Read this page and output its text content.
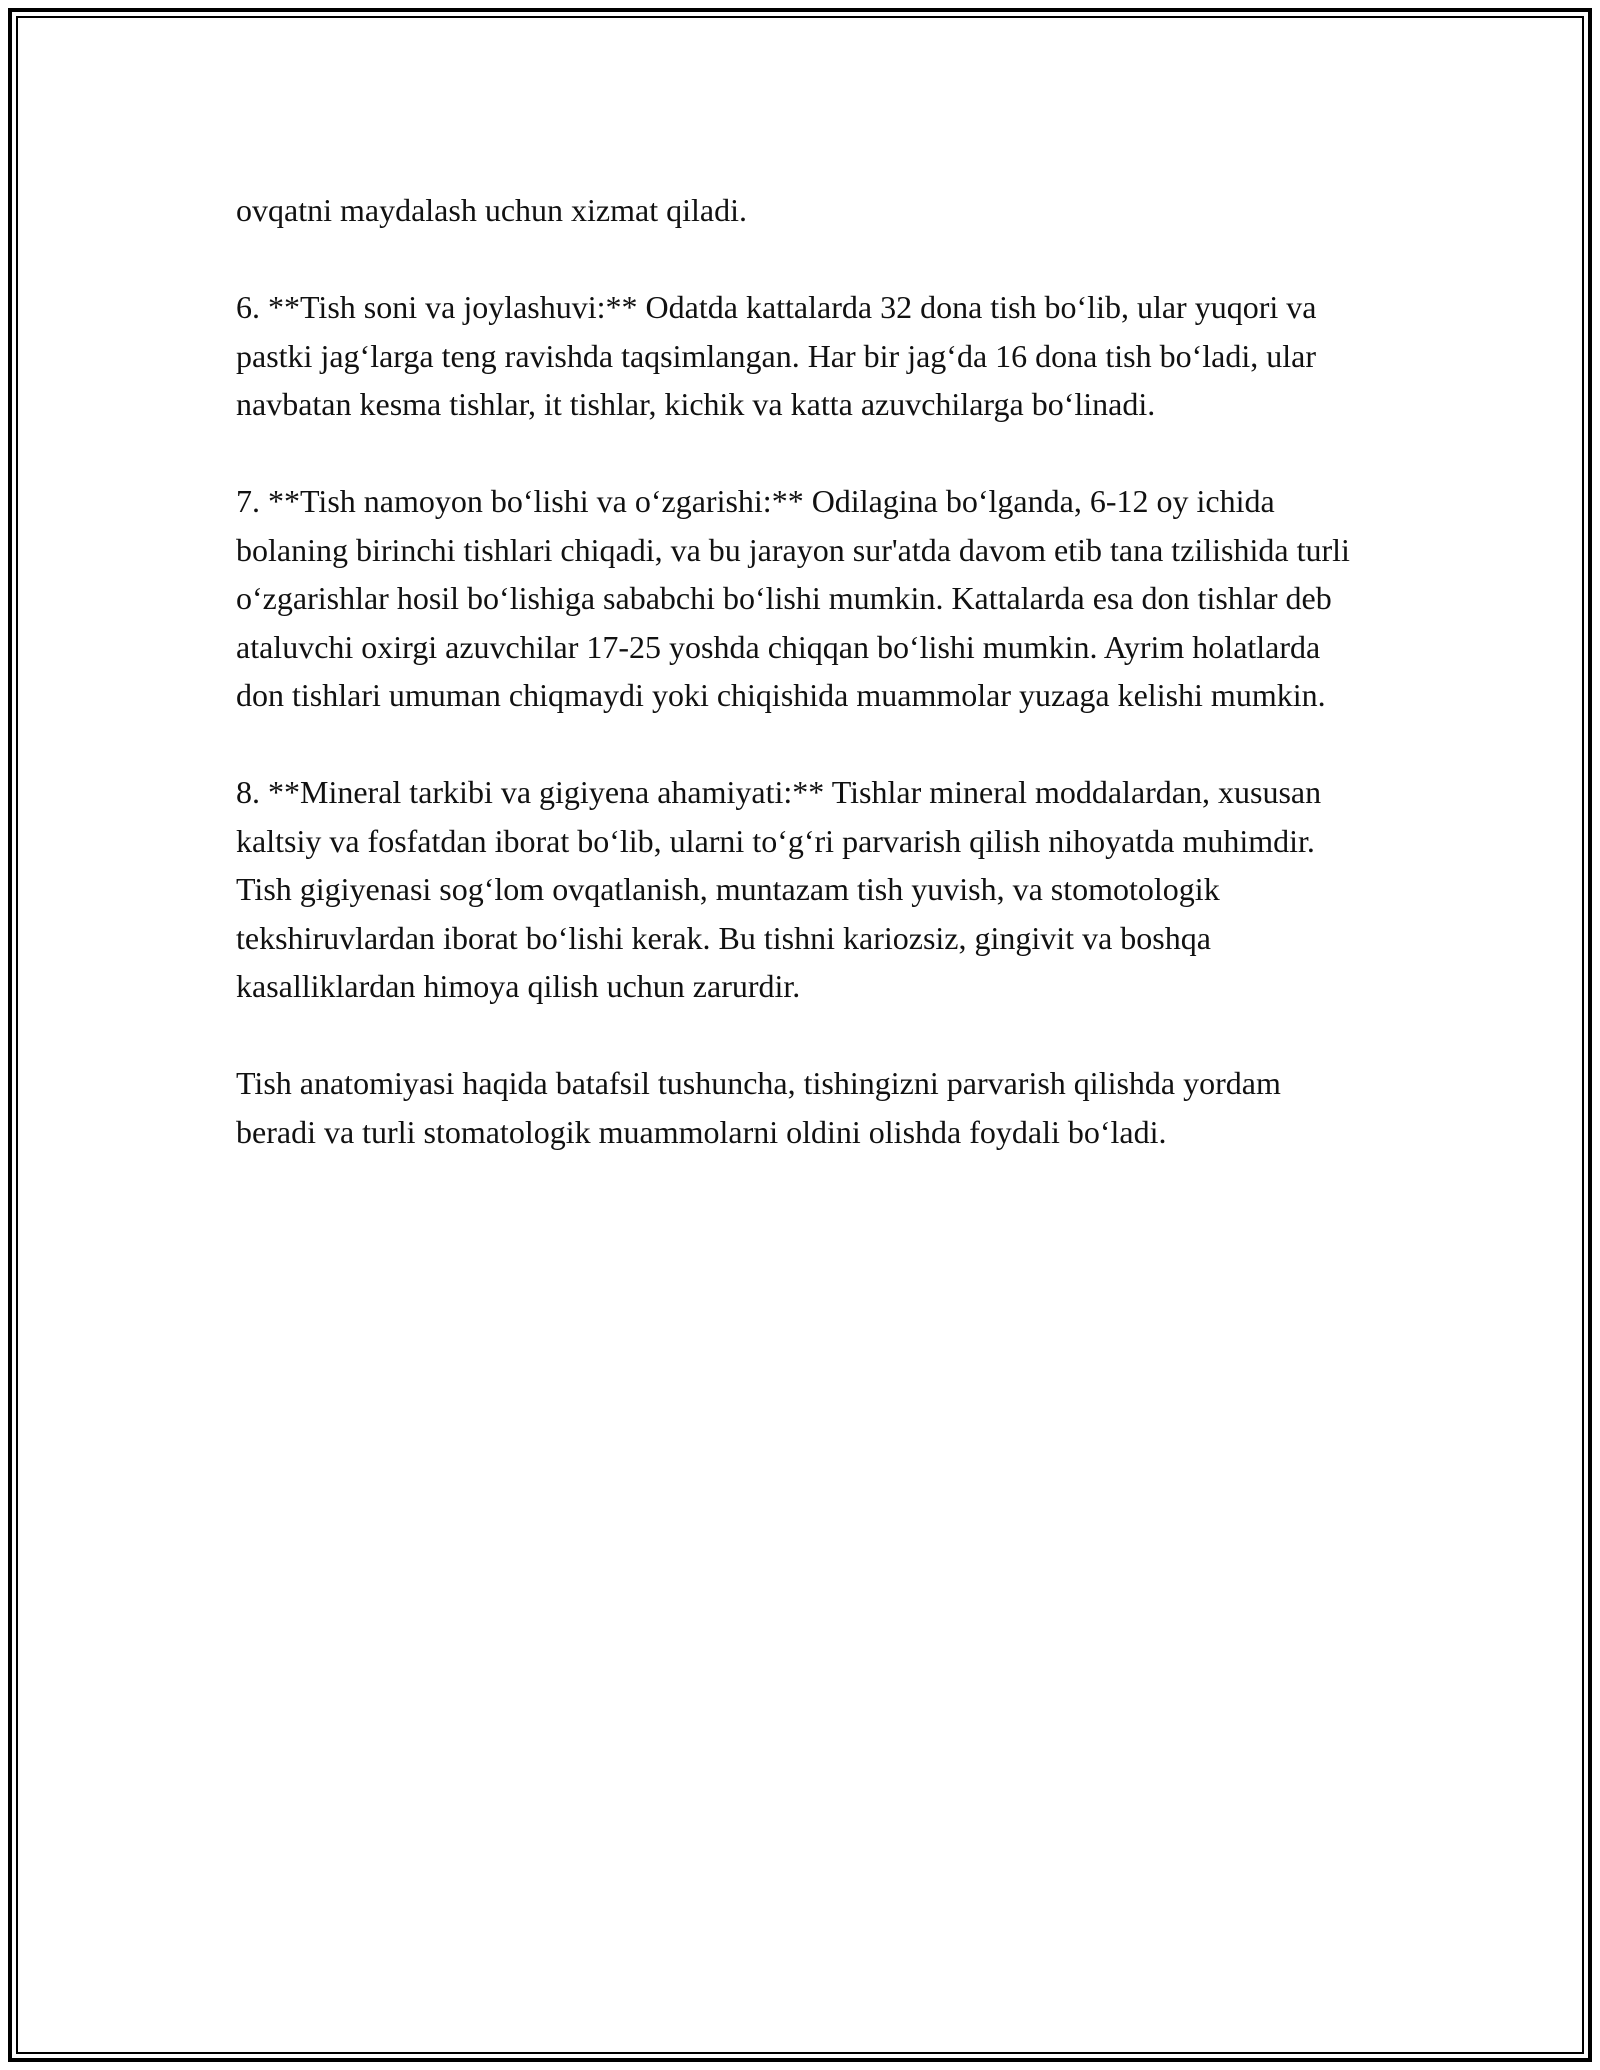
ovqatni maydalash uchun xizmat qiladi.

6. **Tish soni va joylashuvi:** Odatda kattalarda 32 dona tish bo‘lib, ular yuqori va pastki jag‘larga teng ravishda taqsimlangan. Har bir jag‘da 16 dona tish bo‘ladi, ular navbatan kesma tishlar, it tishlar, kichik va katta azuvchilarga bo‘linadi.

7. **Tish namoyon bo‘lishi va o‘zgarishi:** Odilagina bo‘lganda, 6-12 oy ichida bolaning birinchi tishlari chiqadi, va bu jarayon sur'atda davom etib tana tzilishida turli o‘zgarishlar hosil bo‘lishiga sababchi bo‘lishi mumkin. Kattalarda esa don tishlar deb ataluvchi oxirgi azuvchilar 17-25 yoshda chiqqan bo‘lishi mumkin. Ayrim holatlarda don tishlari umuman chiqmaydi yoki chiqishida muammolar yuzaga kelishi mumkin.

8. **Mineral tarkibi va gigiyena ahamiyati:** Tishlar mineral moddalardan, xususan kaltsiy va fosfatdan iborat bo‘lib, ularni to‘g‘ri parvarish qilish nihoyatda muhimdir. Tish gigiyenasi sog‘lom ovqatlanish, muntazam tish yuvish, va stomotologik tekshiruvlardan iborat bo‘lishi kerak. Bu tishni kariozsiz, gingivit va boshqa kasalliklardan himoya qilish uchun zarurdir.

Tish anatomiyasi haqida batafsil tushuncha, tishingizni parvarish qilishda yordam beradi va turli stomatologik muammolarni oldini olishda foydali bo‘ladi.
